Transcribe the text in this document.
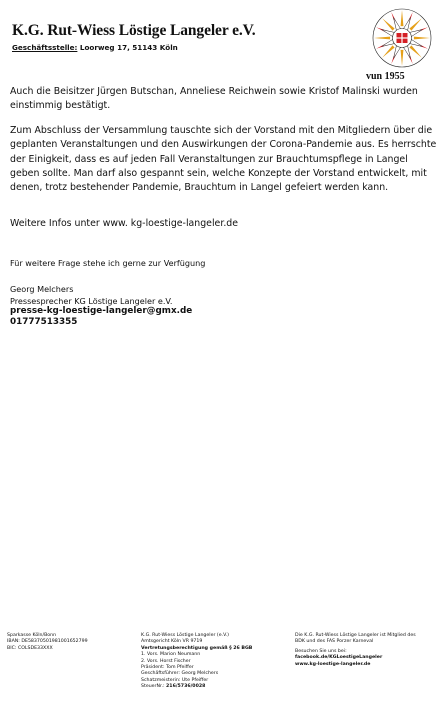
K.G. Rut-Wiess Löstige Langeler e.V.
Geschäftsstelle: Loorweg 17, 51143 Köln
vun 1955
Auch die Beisitzer Jürgen Butschan, Anneliese Reichwein sowie Kristof Malinski wurden einstimmig bestätigt.
Zum Abschluss der Versammlung tauschte sich der Vorstand mit den Mitgliedern über die geplanten Veranstaltungen und den Auswirkungen der Corona-Pandemie aus. Es herrschte der Einigkeit, dass es auf jeden Fall Veranstaltungen zur Brauchtumspflege in Langel geben sollte. Man darf also gespannt sein, welche Konzepte der Vorstand entwickelt, mit denen, trotz bestehender Pandemie, Brauchtum in Langel gefeiert werden kann.
Weitere Infos unter www. kg-loestige-langeler.de
Für weitere Frage stehe ich gerne zur Verfügung
Georg Melchers
Pressesprecher KG Löstige Langeler e.V.
presse-kg-loestige-langeler@gmx.de
01777513355
Sparkasse Köln/Bonn
IBAN: DE58370501981001652799
BIC: COLSDE33XXX
K.G. Rut-Wiess Löstige Langeler (e.V.)
Amtsgericht Köln VR 9719
Vertretungsberechtigung gemäß § 26 BGB
1. Vors. Marion Neumann
2. Vors. Horst Fischer
Präsident: Tom Pfeiffer
Geschäftsführer: Georg Melchers
Schatzmeisterin: Ute Pfeiffer
SteuerNr.: 216/5736/0028
Die K.G. Rut-Wiess Löstige Langeler ist Mitglied des
BDK und des FAS Porzer Karneval
Besuchen Sie uns bei:
facebook.de/KGLoestigeLangeler
www.kg-loestige-langeler.de
